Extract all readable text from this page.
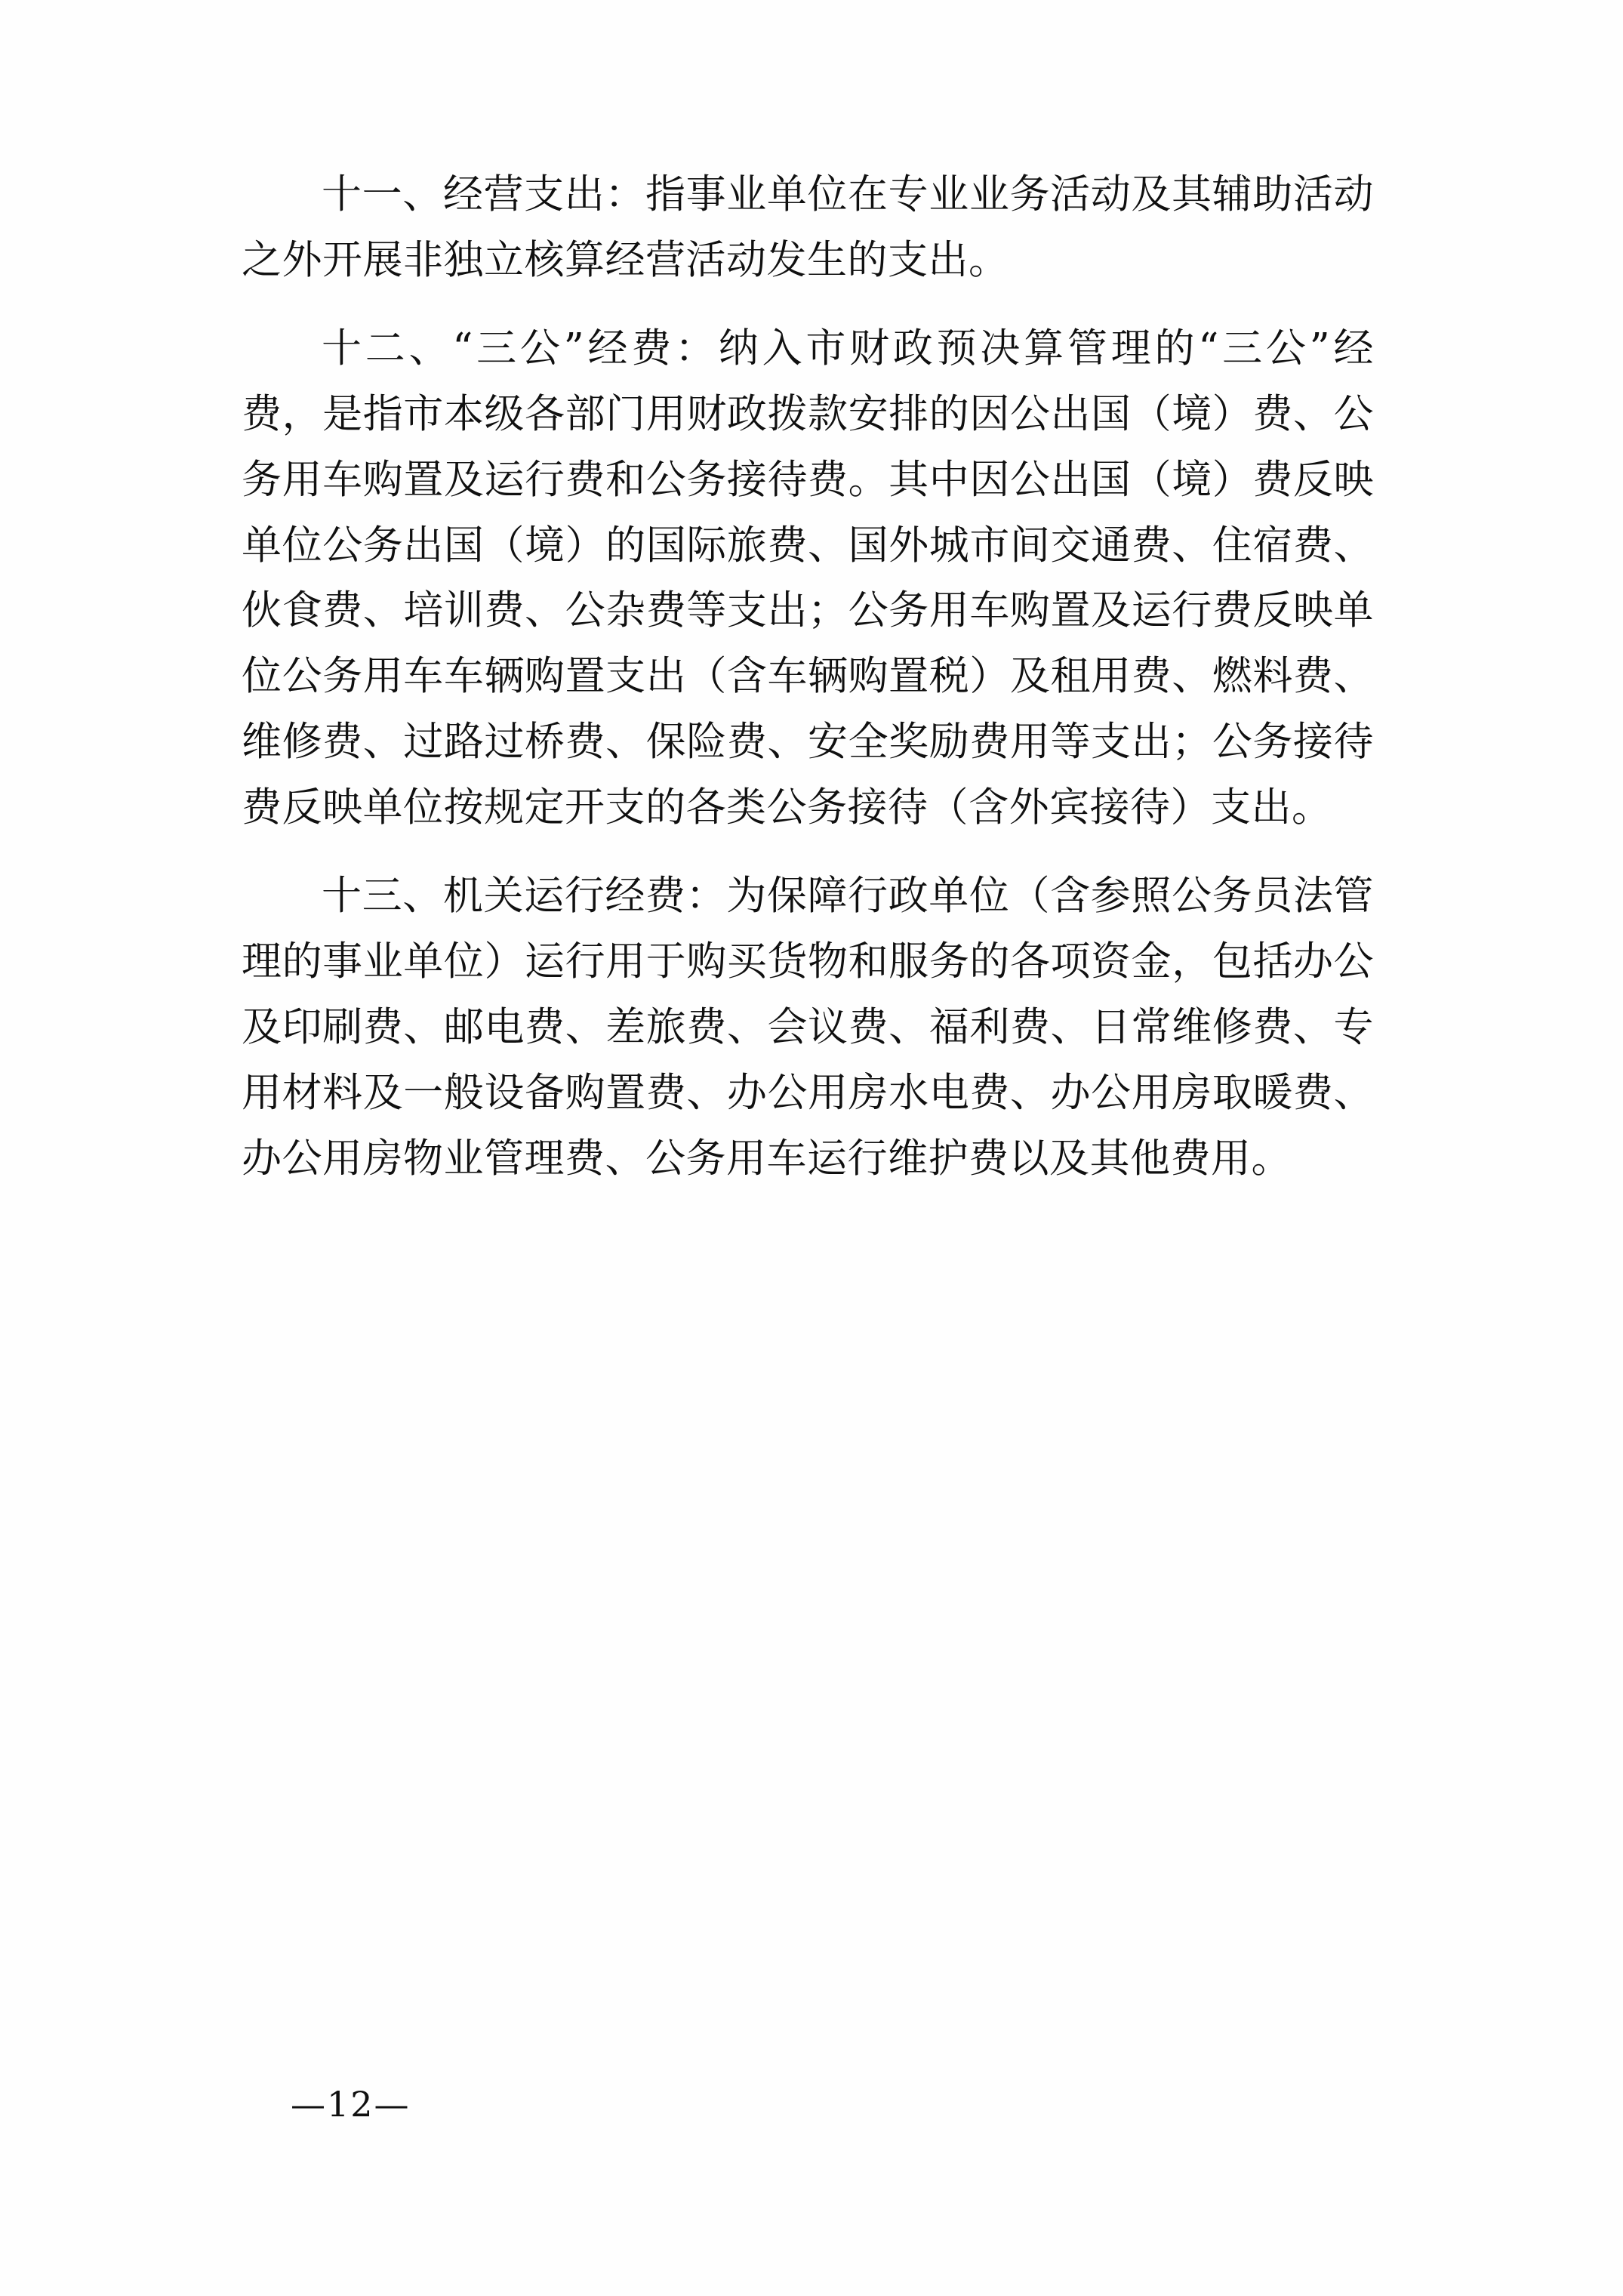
十一、经营支出：指事业单位在专业业务活动及其辅助活动之外开展非独立核算经营活动发生的支出。

十二、“三公”经费：纳入市财政预决算管理的“三公”经费，是指市本级各部门用财政拨款安排的因公出国（境）费、公务用车购置及运行费和公务接待费。其中因公出国（境）费反映单位公务出国（境）的国际旅费、国外城市间交通费、住宿费、伙食费、培训费、公杂费等支出；公务用车购置及运行费反映单位公务用车车辆购置支出（含车辆购置税）及租用费、燃料费、维修费、过路过桥费、保险费、安全奖励费用等支出；公务接待费反映单位按规定开支的各类公务接待（含外宾接待）支出。

十三、机关运行经费：为保障行政单位（含参照公务员法管理的事业单位）运行用于购买货物和服务的各项资金，包括办公及印刷费、邮电费、差旅费、会议费、福利费、日常维修费、专用材料及一般设备购置费、办公用房水电费、办公用房取暖费、办公用房物业管理费、公务用车运行维护费以及其他费用。

—12—
